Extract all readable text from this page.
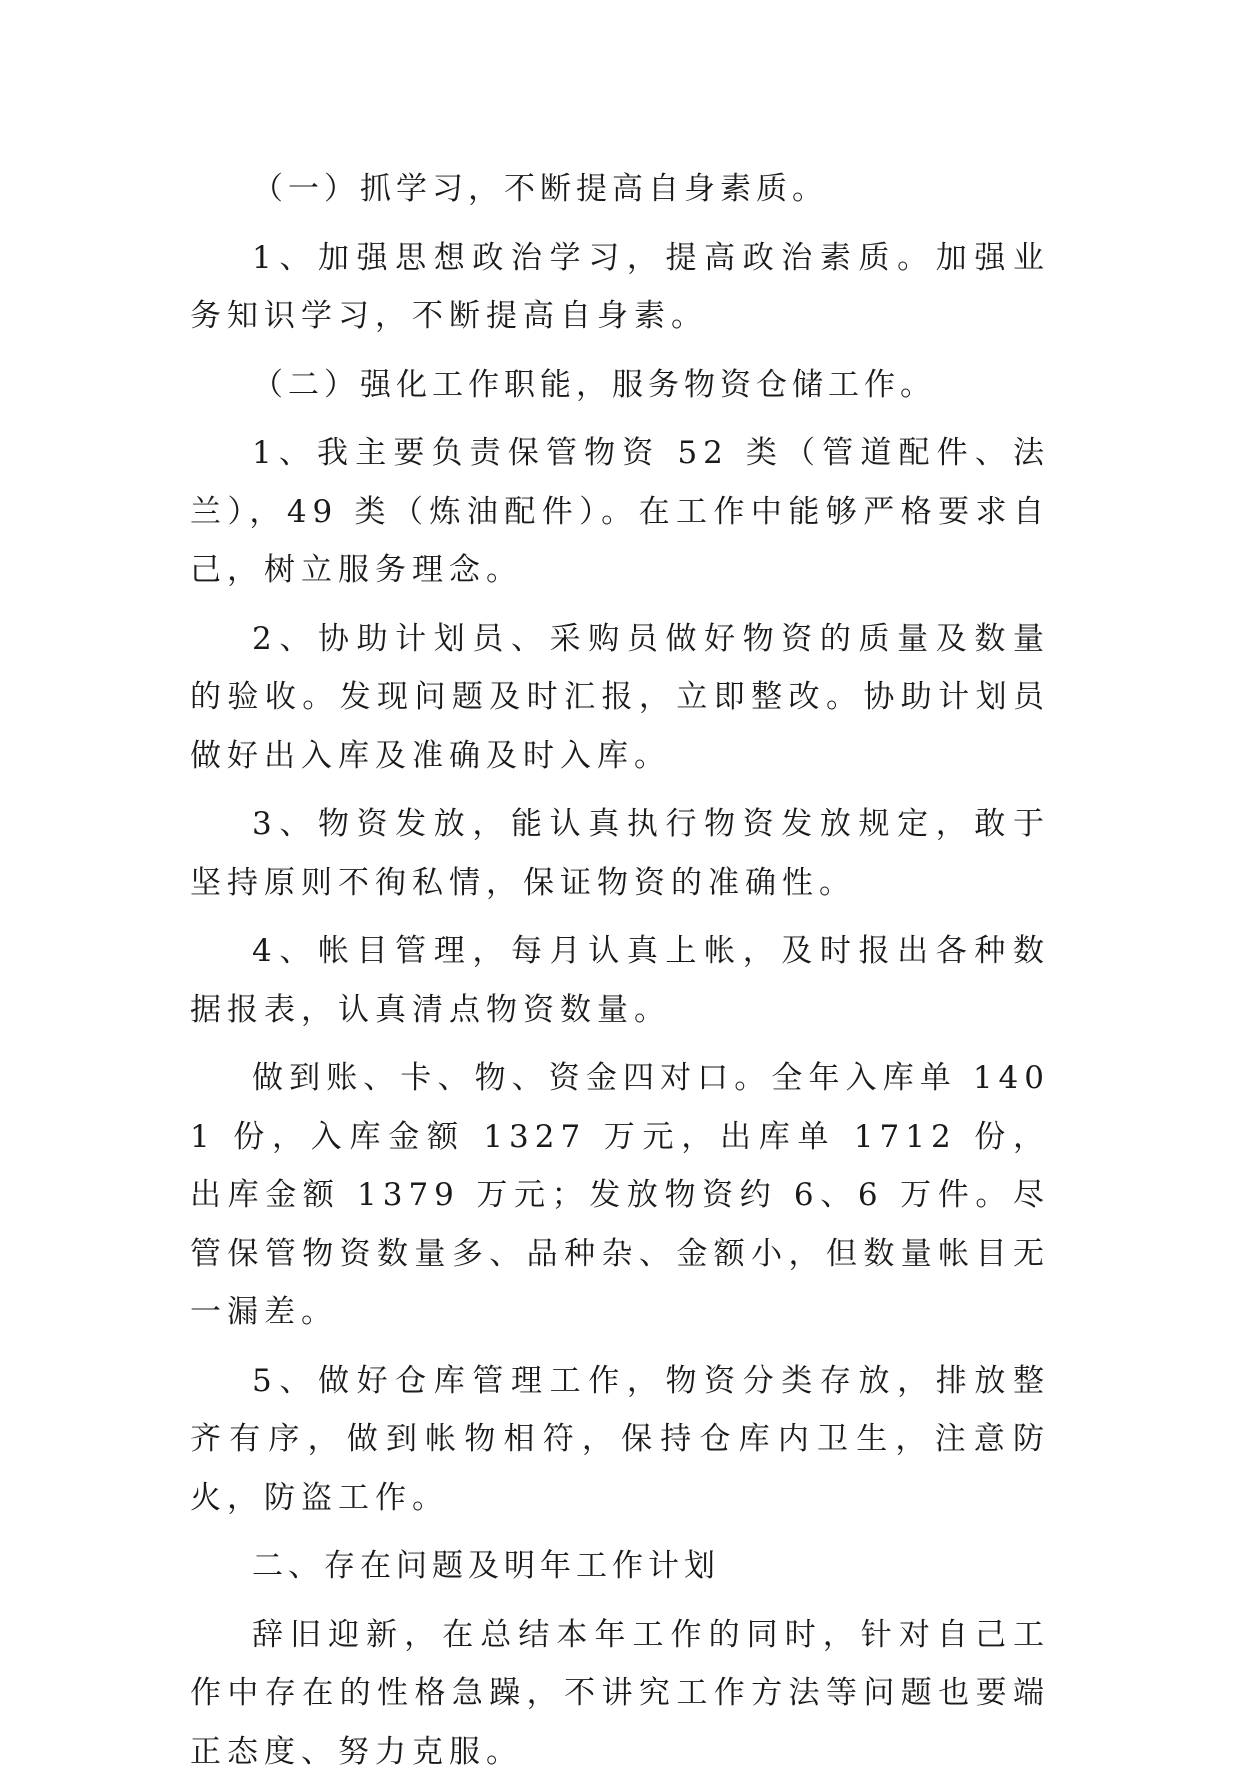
（一）抓学习，不断提高自身素质。

1、加强思想政治学习，提高政治素质。加强业务知识学习，不断提高自身素。

（二）强化工作职能，服务物资仓储工作。

1、我主要负责保管物资 52 类（管道配件、法兰），49 类（炼油配件）。在工作中能够严格要求自己，树立服务理念。

2、协助计划员、采购员做好物资的质量及数量的验收。发现问题及时汇报，立即整改。协助计划员做好出入库及准确及时入库。

3、物资发放，能认真执行物资发放规定，敢于坚持原则不徇私情，保证物资的准确性。

4、帐目管理，每月认真上帐，及时报出各种数据报表，认真清点物资数量。

做到账、卡、物、资金四对口。全年入库单 1401 份，入库金额 1327 万元，出库单 1712 份，出库金额 1379 万元；发放物资约 6、6 万件。尽管保管物资数量多、品种杂、金额小，但数量帐目无一漏差。

5、做好仓库管理工作，物资分类存放，排放整齐有序，做到帐物相符，保持仓库内卫生，注意防火，防盗工作。

二、存在问题及明年工作计划

辞旧迎新，在总结本年工作的同时，针对自己工作中存在的性格急躁，不讲究工作方法等问题也要端正态度、努力克服。
